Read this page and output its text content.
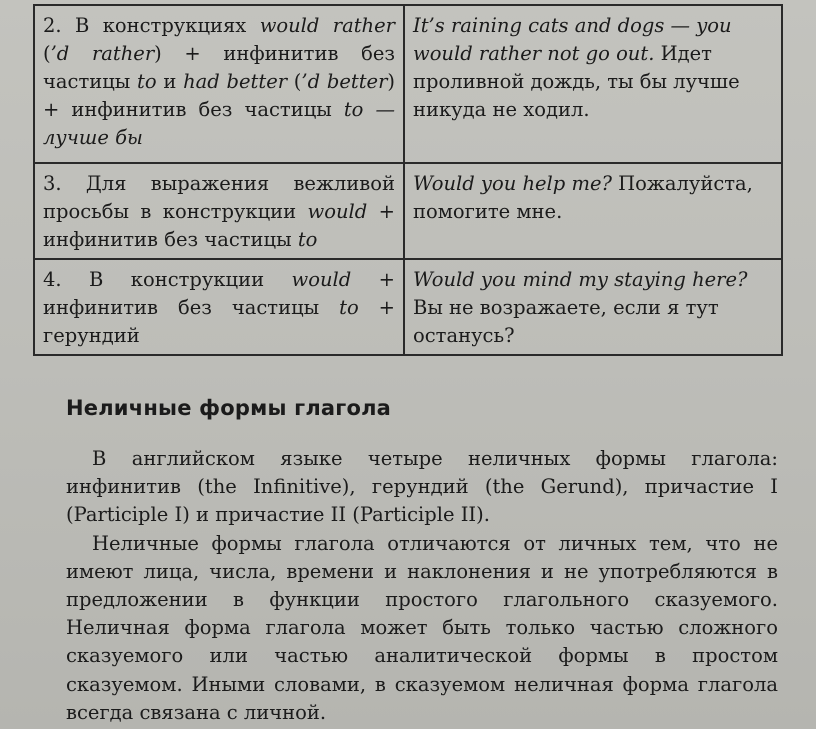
2. В конструкциях would rather (’d rather) + инфинитив без частицы to и had better (’d better) + инфинитив без частицы to — лучше бы	It’s raining cats and dogs — you would rather not go out. Идет проливной дождь, ты бы лучше никуда не ходил.
3. Для выражения вежливой просьбы в конструкции would + инфинитив без частицы to	Would you help me? Пожалуйста, помогите мне.
4. В конструкции would + инфинитив без частицы to + герундий	Would you mind my staying here? Вы не возражаете, если я тут останусь?
Неличные формы глагола

В английском языке четыре неличных формы глагола: инфинитив (the Infinitive), герундий (the Gerund), причастие I (Participle I) и причастие II (Participle II).

Неличные формы глагола отличаются от личных тем, что не имеют лица, числа, времени и наклонения и не употребляются в предложении в функции простого глагольного сказуемого. Неличная форма глагола может быть только частью сложного сказуемого или частью аналитической формы в простом сказуемом. Иными словами, в сказуемом неличная форма глагола всегда связана с личной.
